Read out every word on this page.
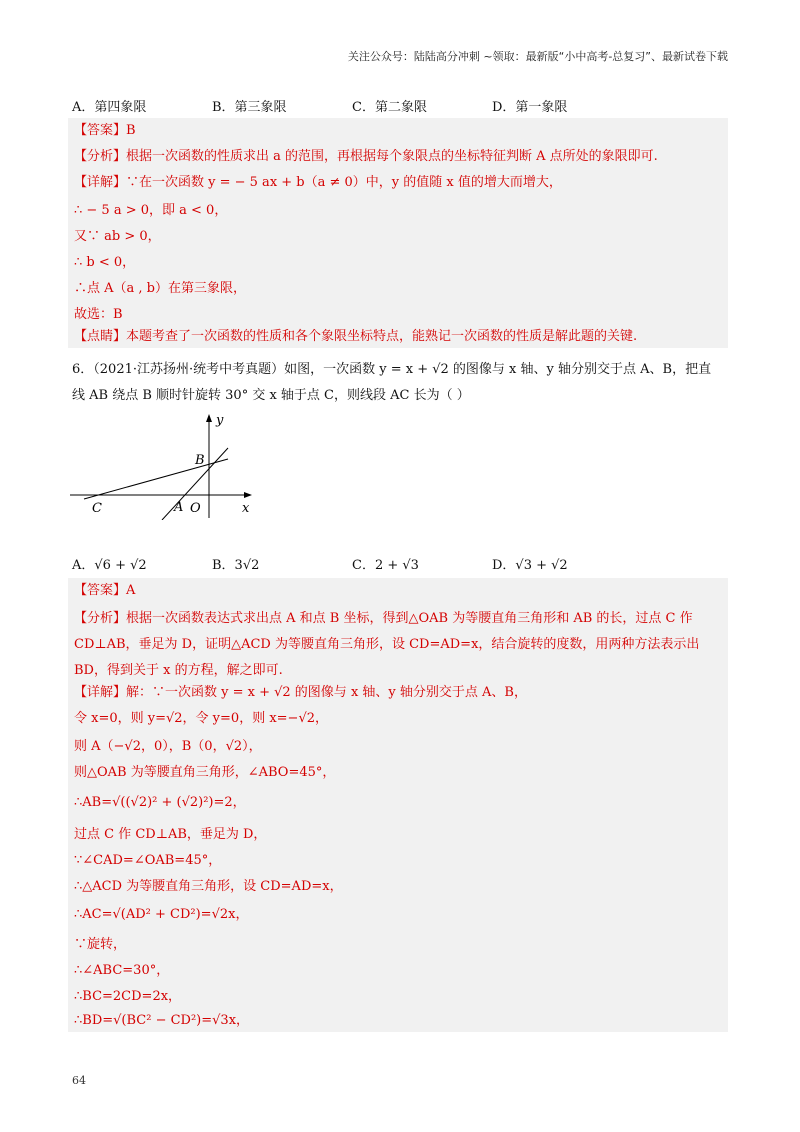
关注公众号：陆陆高分冲刺 ~领取：最新版“小中高考-总复习”、最新试卷下载
A．第四象限	B．第三象限	C．第二象限	D．第一象限
【答案】B
【分析】根据一次函数的性质求出 a 的范围，再根据每个象限点的坐标特征判断 A 点所处的象限即可.
【详解】∵在一次函数 y = − 5 ax + b（a ≠ 0）中，y 的值随 x 值的增大而增大，
∴ − 5 a > 0，即 a < 0，
又∵ ab > 0，
∴ b < 0，
∴点 A（a , b）在第三象限，
故选：B
【点睛】本题考查了一次函数的性质和各个象限坐标特点，能熟记一次函数的性质是解此题的关键.
6．（2021·江苏扬州·统考中考真题）如图，一次函数 y = x + √2 的图像与 x 轴、y 轴分别交于点 A、B，把直
线 AB 绕点 B 顺时针旋转 30° 交 x 轴于点 C，则线段 AC 长为（ ）
y
x
B
C	A O
A．√6 + √2	B．3√2	C．2 + √3	D．√3 + √2
【答案】A
【分析】根据一次函数表达式求出点 A 和点 B 坐标，得到△OAB 为等腰直角三角形和 AB 的长，过点 C 作 CD⊥AB，垂足为 D，证明△ACD 为等腰直角三角形，设 CD=AD=x，结合旋转的度数，用两种方法表示出 BD，得到关于 x 的方程，解之即可.
【详解】解：∵一次函数 y = x + √2 的图像与 x 轴、y 轴分别交于点 A、B，
令 x=0，则 y=√2，令 y=0，则 x=−√2，
则 A（−√2，0），B（0，√2），
则△OAB 为等腰直角三角形，∠ABO=45°，
∴AB=√((√2)² + (√2)²)=2，
过点 C 作 CD⊥AB，垂足为 D，
∵∠CAD=∠OAB=45°，
∴△ACD 为等腰直角三角形，设 CD=AD=x，
∴AC=√(AD² + CD²)=√2x，
∵旋转，
∴∠ABC=30°，
∴BC=2CD=2x，
∴BD=√(BC² − CD²)=√3x，
64
